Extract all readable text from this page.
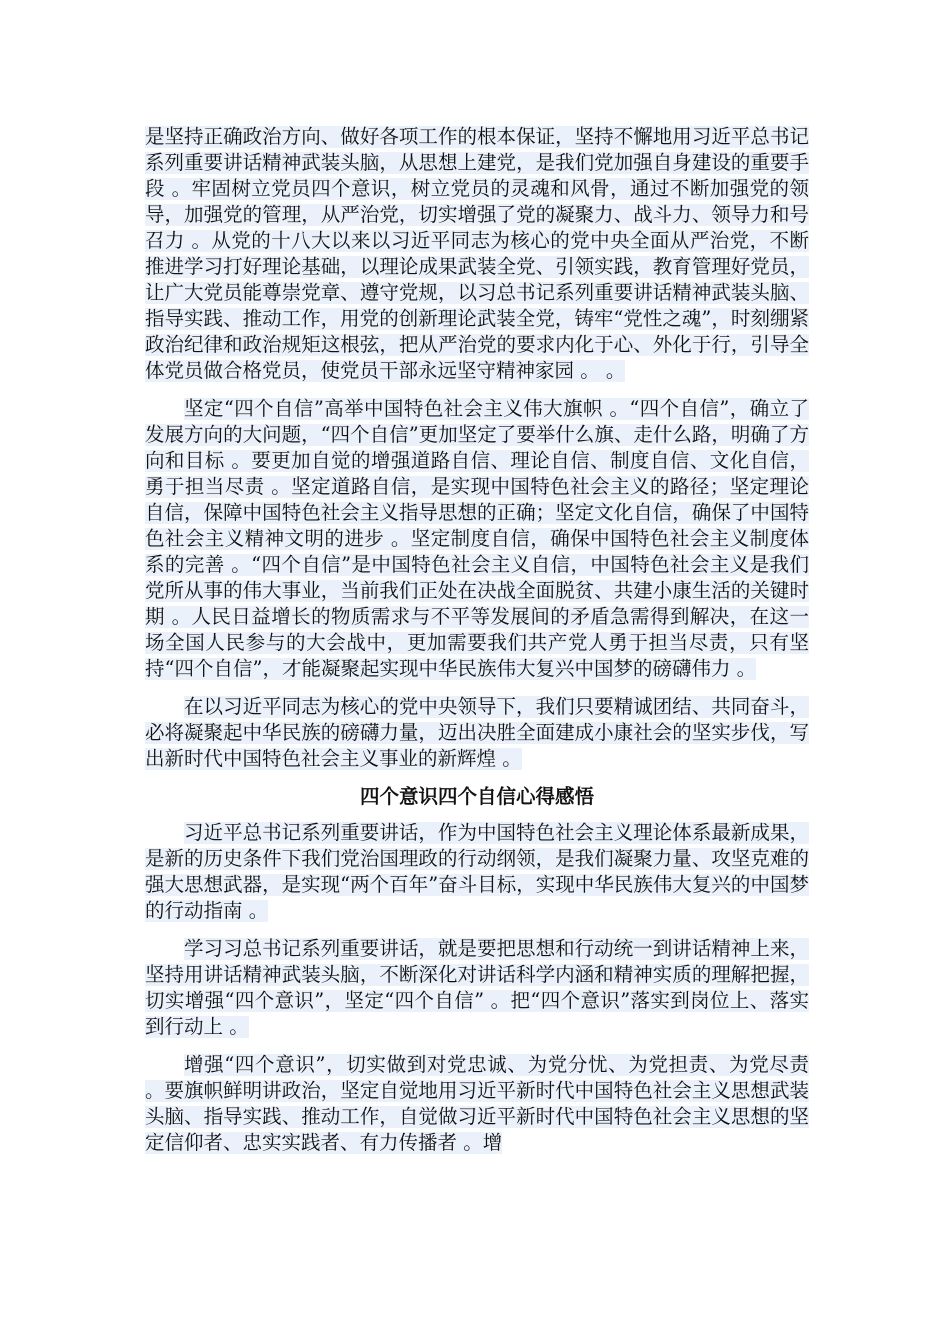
是坚持正确政治方向、做好各项工作的根本保证，坚持不懈地用习近平总书记系列重要讲话精神武装头脑，从思想上建党，是我们党加强自身建设的重要手段 。牢固树立党员四个意识，树立党员的灵魂和风骨，通过不断加强党的领导，加强党的管理，从严治党，切实增强了党的凝聚力、战斗力、领导力和号召力 。从党的十八大以来以习近平同志为核心的党中央全面从严治党，不断推进学习打好理论基础，以理论成果武装全党、引领实践，教育管理好党员，让广大党员能尊崇党章、遵守党规，以习总书记系列重要讲话精神武装头脑、指导实践、推动工作，用党的创新理论武装全党，铸牢“党性之魂”，时刻绷紧政治纪律和政治规矩这根弦，把从严治党的要求内化于心、外化于行，引导全体党员做合格党员，使党员干部永远坚守精神家园 。 。

坚定“四个自信”高举中国特色社会主义伟大旗帜 。“四个自信”，确立了发展方向的大问题，“四个自信”更加坚定了要举什么旗、走什么路，明确了方向和目标 。要更加自觉的增强道路自信、理论自信、制度自信、文化自信，勇于担当尽责 。坚定道路自信，是实现中国特色社会主义的路径；坚定理论自信，保障中国特色社会主义指导思想的正确；坚定文化自信，确保了中国特色社会主义精神文明的进步 。坚定制度自信，确保中国特色社会主义制度体系的完善 。“四个自信”是中国特色社会主义自信，中国特色社会主义是我们党所从事的伟大事业，当前我们正处在决战全面脱贫、共建小康生活的关键时期 。人民日益增长的物质需求与不平等发展间的矛盾急需得到解决，在这一场全国人民参与的大会战中，更加需要我们共产党人勇于担当尽责，只有坚持“四个自信”，才能凝聚起实现中华民族伟大复兴中国梦的磅礴伟力 。

在以习近平同志为核心的党中央领导下，我们只要精诚团结、共同奋斗，必将凝聚起中华民族的磅礴力量，迈出决胜全面建成小康社会的坚实步伐，写出新时代中国特色社会主义事业的新辉煌 。

四个意识四个自信心得感悟

习近平总书记系列重要讲话，作为中国特色社会主义理论体系最新成果，是新的历史条件下我们党治国理政的行动纲领，是我们凝聚力量、攻坚克难的强大思想武器，是实现“两个百年”奋斗目标，实现中华民族伟大复兴的中国梦的行动指南 。

学习习总书记系列重要讲话，就是要把思想和行动统一到讲话精神上来，坚持用讲话精神武装头脑，不断深化对讲话科学内涵和精神实质的理解把握，切实增强“四个意识”，坚定“四个自信” 。把“四个意识”落实到岗位上、落实到行动上 。

增强“四个意识”，切实做到对党忠诚、为党分忧、为党担责、为党尽责 。要旗帜鲜明讲政治，坚定自觉地用习近平新时代中国特色社会主义思想武装头脑、指导实践、推动工作，自觉做习近平新时代中国特色社会主义思想的坚定信仰者、忠实实践者、有力传播者 。增
